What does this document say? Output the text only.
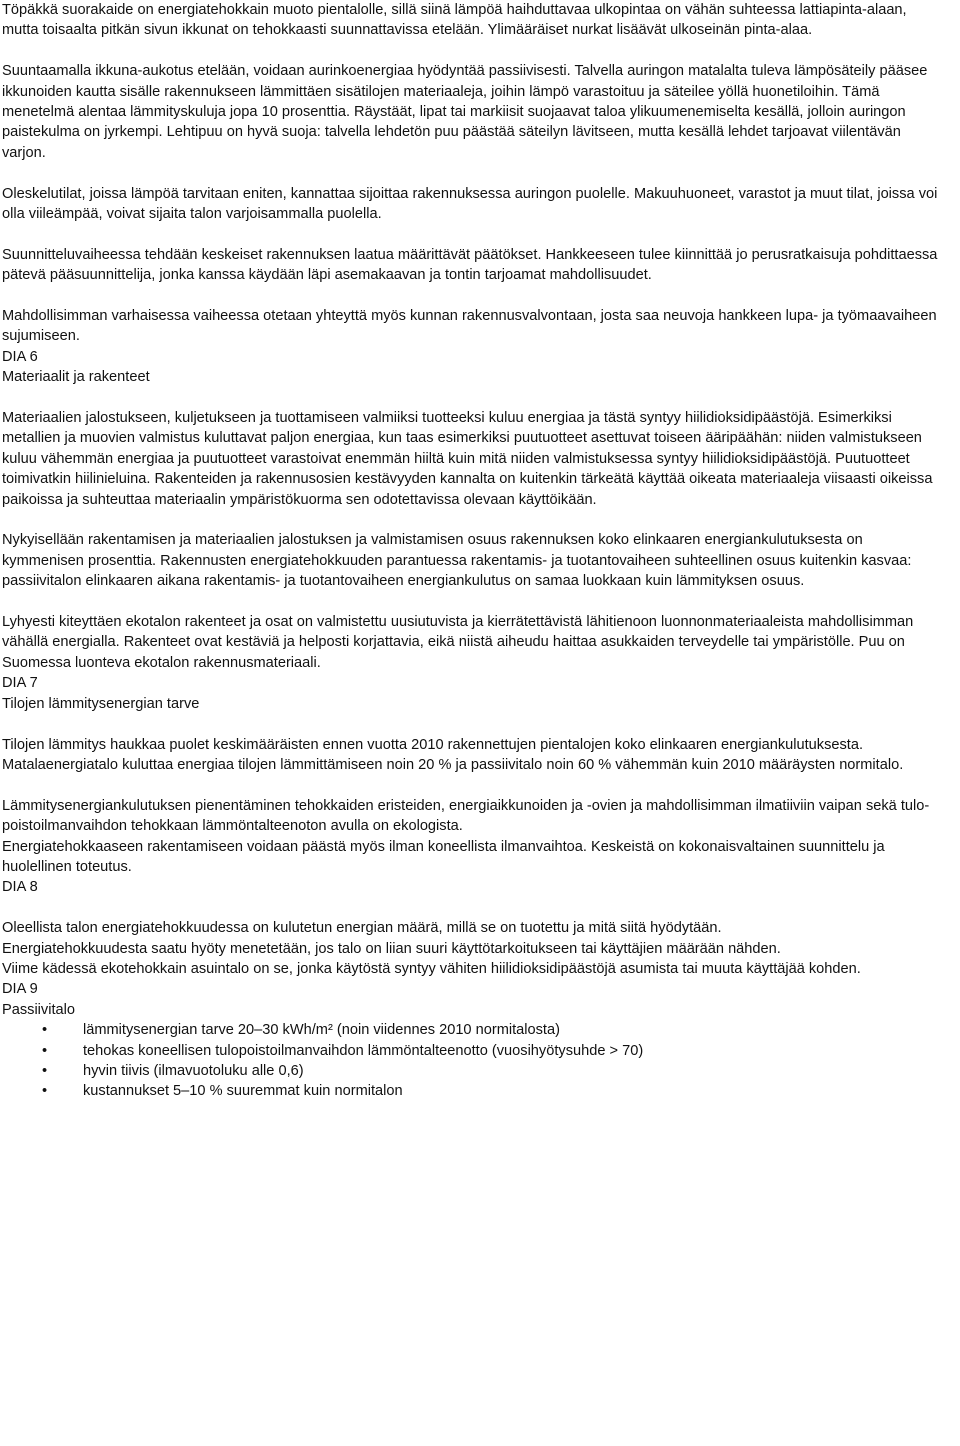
Töpäkkä suorakaide on energiatehokkain muoto pientalolle, sillä siinä lämpöä haihduttavaa ulkopintaa on vähän suhteessa lattiapinta-alaan, mutta toisaalta pitkän sivun ikkunat on tehokkaasti suunnattavissa etelään. Ylimääräiset nurkat lisäävät ulkoseinän pinta-alaa.

Suuntaamalla ikkuna-aukotus etelään, voidaan aurinkoenergiaa hyödyntää passiivisesti. Talvella auringon matalalta tuleva lämpösäteily pääsee ikkunoiden kautta sisälle rakennukseen lämmittäen sisätilojen materiaaleja, joihin lämpö varastoituu ja säteilee yöllä huonetiloihin. Tämä menetelmä alentaa lämmityskuluja jopa 10 prosenttia. Räystäät, lipat tai markiisit suojaavat taloa ylikuumenemiselta kesällä, jolloin auringon paistekulma on jyrkempi. Lehtipuu on hyvä suoja: talvella lehdetön puu päästää säteilyn lävitseen, mutta kesällä lehdet tarjoavat viilentävän varjon.

Oleskelutilat, joissa lämpöä tarvitaan eniten, kannattaa sijoittaa rakennuksessa auringon puolelle. Makuuhuoneet, varastot ja muut tilat, joissa voi olla viileämpää, voivat sijaita talon varjoisammalla puolella.

Suunnitteluvaiheessa tehdään keskeiset rakennuksen laatua määrittävät päätökset. Hankkeeseen tulee kiinnittää jo perusratkaisuja pohdittaessa pätevä pääsuunnittelija, jonka kanssa käydään läpi asemakaavan ja tontin tarjoamat mahdollisuudet.

Mahdollisimman varhaisessa vaiheessa otetaan yhteyttä myös kunnan rakennusvalvontaan, josta saa neuvoja hankkeen lupa- ja työmaavaiheen sujumiseen.

DIA 6

Materiaalit ja rakenteet

Materiaalien jalostukseen, kuljetukseen ja tuottamiseen valmiiksi tuotteeksi kuluu energiaa ja tästä syntyy hiilidioksidipäästöjä. Esimerkiksi metallien ja muovien valmistus kuluttavat paljon energiaa, kun taas esimerkiksi puutuotteet asettuvat toiseen ääripäähän: niiden valmistukseen kuluu vähemmän energiaa ja puutuotteet varastoivat enemmän hiiltä kuin mitä niiden valmistuksessa syntyy hiilidioksidipäästöjä. Puutuotteet toimivatkin hiilinieluina. Rakenteiden ja rakennusosien kestävyyden kannalta on kuitenkin tärkeätä käyttää oikeata materiaaleja viisaasti oikeissa paikoissa ja suhteuttaa materiaalin ympäristökuorma sen odotettavissa olevaan käyttöikään.

Nykyisellään rakentamisen ja materiaalien jalostuksen ja valmistamisen osuus rakennuksen koko elinkaaren energiankulutuksesta on kymmenisen prosenttia. Rakennusten energiatehokkuuden parantuessa rakentamis- ja tuotantovaiheen suhteellinen osuus kuitenkin kasvaa: passiivitalon elinkaaren aikana rakentamis- ja tuotantovaiheen energiankulutus on samaa luokkaan kuin lämmityksen osuus.

Lyhyesti kiteyttäen ekotalon rakenteet ja osat on valmistettu uusiutuvista ja kierrätettävistä lähitienoon luonnonmateriaaleista mahdollisimman vähällä energialla. Rakenteet ovat kestäviä ja helposti korjattavia, eikä niistä aiheudu haittaa asukkaiden terveydelle tai ympäristölle. Puu on Suomessa luonteva ekotalon rakennusmateriaali.

DIA 7

Tilojen lämmitysenergian tarve

Tilojen lämmitys haukkaa puolet keskimääräisten ennen vuotta 2010 rakennettujen pientalojen koko elinkaaren energiankulutuksesta. Matalaenergiatalo kuluttaa energiaa tilojen lämmittämiseen noin 20 % ja passiivitalo noin 60 % vähemmän kuin 2010 määräysten normitalo.

Lämmitysenergiankulutuksen pienentäminen tehokkaiden eristeiden, energiaikkunoiden ja -ovien ja mahdollisimman ilmatiiviin vaipan sekä tulo-poistoilmanvaihdon tehokkaan lämmöntalteenoton avulla on ekologista.

Energiatehokkaaseen rakentamiseen voidaan päästä myös ilman koneellista ilmanvaihtoa. Keskeistä on kokonaisvaltainen suunnittelu ja huolellinen toteutus.

DIA 8

Oleellista talon energiatehokkuudessa on kulutetun energian määrä, millä se on tuotettu ja mitä siitä hyödytään.

Energiatehokkuudesta saatu hyöty menetetään, jos talo on liian suuri käyttötarkoitukseen tai käyttäjien määrään nähden.

Viime kädessä ekotehokkain asuintalo on se, jonka käytöstä syntyy vähiten hiilidioksidipäästöjä asumista tai muuta käyttäjää kohden.

DIA 9

Passiivitalo

• lämmitysenergian tarve 20–30 kWh/m² (noin viidennes 2010 normitalosta)
• tehokas koneellisen tulopoistoilmanvaihdon lämmöntalteenotto (vuosihyötysuhde > 70)
• hyvin tiivis (ilmavuotoluku alle 0,6)
• kustannukset 5–10 % suuremmat kuin normitalon
